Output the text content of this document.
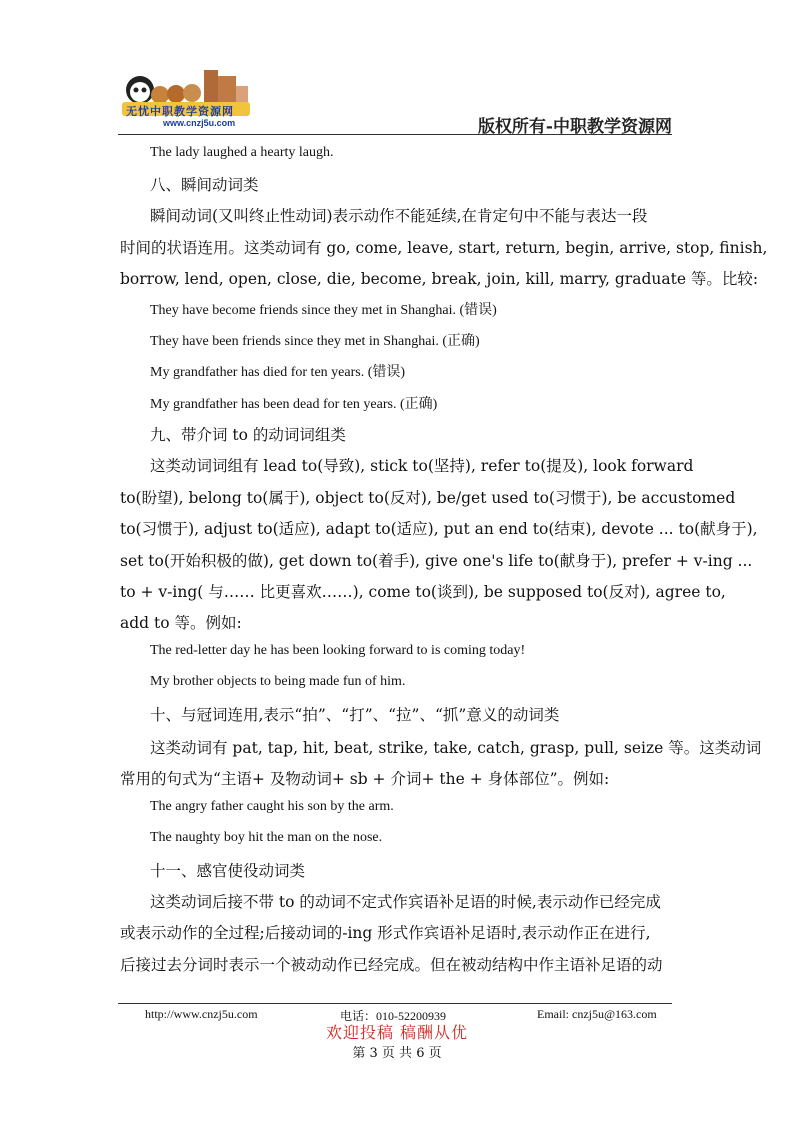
无忧中职教学资源网
www.cnzj5u.com	版权所有-中职教学资源网
The lady laughed a hearty laugh.
八、瞬间动词类
瞬间动词(又叫终止性动词)表示动作不能延续,在肯定句中不能与表达一段
时间的状语连用。这类动词有 go, come, leave, start, return, begin, arrive, stop, finish,
borrow, lend, open, close, die, become, break, join, kill, marry, graduate 等。比较:
They have become friends since they met in Shanghai. (错误)
They have been friends since they met in Shanghai. (正确)
My grandfather has died for ten years. (错误)
My grandfather has been dead for ten years. (正确)
九、带介词 to 的动词词组类
这类动词词组有 lead to(导致), stick to(坚持), refer to(提及), look forward
to(盼望), belong to(属于), object to(反对), be/get used to(习惯于), be accustomed
to(习惯于), adjust to(适应), adapt to(适应), put an end to(结束), devote ... to(献身于),
set to(开始积极的做), get down to(着手), give one's life to(献身于), prefer + v-ing ...
to + v-ing( 与…… 比更喜欢……), come to(谈到), be supposed to(反对), agree to,
add to 等。例如:
The red-letter day he has been looking forward to is coming today!
My brother objects to being made fun of him.
十、与冠词连用,表示“拍”、“打”、“拉”、“抓”意义的动词类
这类动词有 pat, tap, hit, beat, strike, take, catch, grasp, pull, seize 等。这类动词
常用的句式为“主语+ 及物动词+ sb + 介词+ the + 身体部位”。例如:
The angry father caught his son by the arm.
The naughty boy hit the man on the nose.
十一、感官使役动词类
这类动词后接不带 to 的动词不定式作宾语补足语的时候,表示动作已经完成
或表示动作的全过程;后接动词的-ing 形式作宾语补足语时,表示动作正在进行,
后接过去分词时表示一个被动动作已经完成。但在被动结构中作主语补足语的动
http://www.cnzj5u.com	电话：010-52200939	Email: cnzj5u@163.com
欢迎投稿 稿酬从优
第 3 页 共 6 页
